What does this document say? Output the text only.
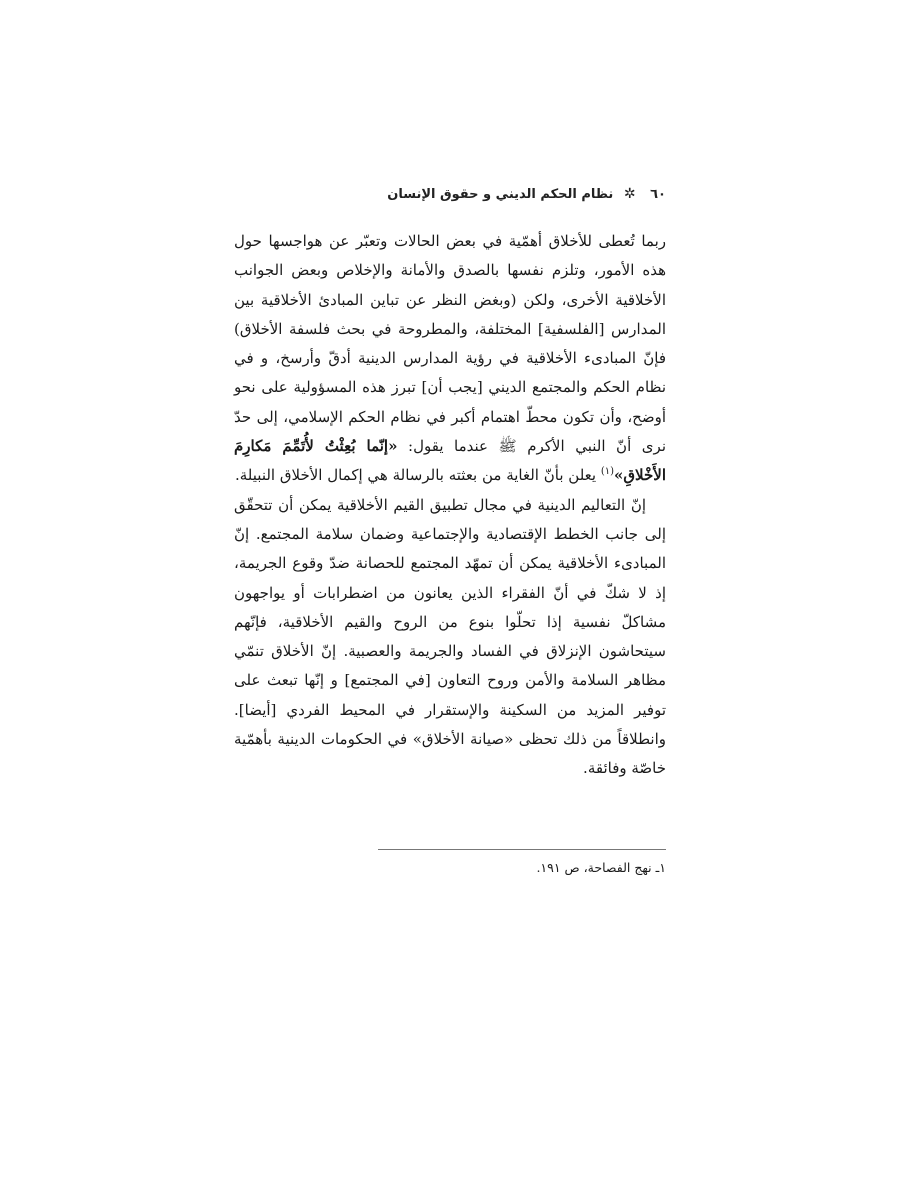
٦٠ ✲ نظام الحكم الديني و حقوق الإنسان

ربما تُعطى للأخلاق أهمّية في بعض الحالات وتعبّر عن هواجسها حول هذه الأمور، وتلزم نفسها بالصدق والأمانة والإخلاص وبعض الجوانب الأخلاقية الأخرى، ولكن (وبغض النظر عن تباين المبادئ الأخلاقية بين المدارس [الفلسفية] المختلفة، والمطروحة في بحث فلسفة الأخلاق) فإنّ المبادىء الأخلاقية في رؤية المدارس الدينية أدقّ وأرسخ، و في نظام الحكم والمجتمع الديني [يجب أن] تبرز هذه المسؤولية على نحو أوضح، وأن تكون محطّ اهتمام أكبر في نظام الحكم الإسلامي، إلى حدّ نرى أنّ النبي الأكرم ﷺ عندما يقول: «إنّما بُعِثْتُ لأُتَمِّمَ مَكارِمَ الأَخْلاقِ»$^{(١)}$ يعلن بأنّ الغاية من بعثته بالرسالة هي إكمال الأخلاق النبيلة.

إنّ التعاليم الدينية في مجال تطبيق القيم الأخلاقية يمكن أن تتحقّق إلى جانب الخطط الإقتصادية والإجتماعية وضمان سلامة المجتمع. إنّ المبادىء الأخلاقية يمكن أن تمهّد المجتمع للحصانة ضدّ وقوع الجريمة، إذ لا شكّ في أنّ الفقراء الذين يعانون من اضطرابات أو يواجهون مشاكلّ نفسية إذا تحلّوا بنوع من الروح والقيم الأخلاقية، فإنّهم سيتحاشون الإنزلاق في الفساد والجريمة والعصبية. إنّ الأخلاق تنمّي مظاهر السلامة والأمن وروح التعاون [في المجتمع] و إنّها تبعث على توفير المزيد من السكينة والإستقرار في المحيط الفردي [أيضا]. وانطلاقاً من ذلك تحظى «صيانة الأخلاق» في الحكومات الدينية بأهمّية خاصّة وفائقة.

١ـ نهج الفصاحة، ص ١٩١.
